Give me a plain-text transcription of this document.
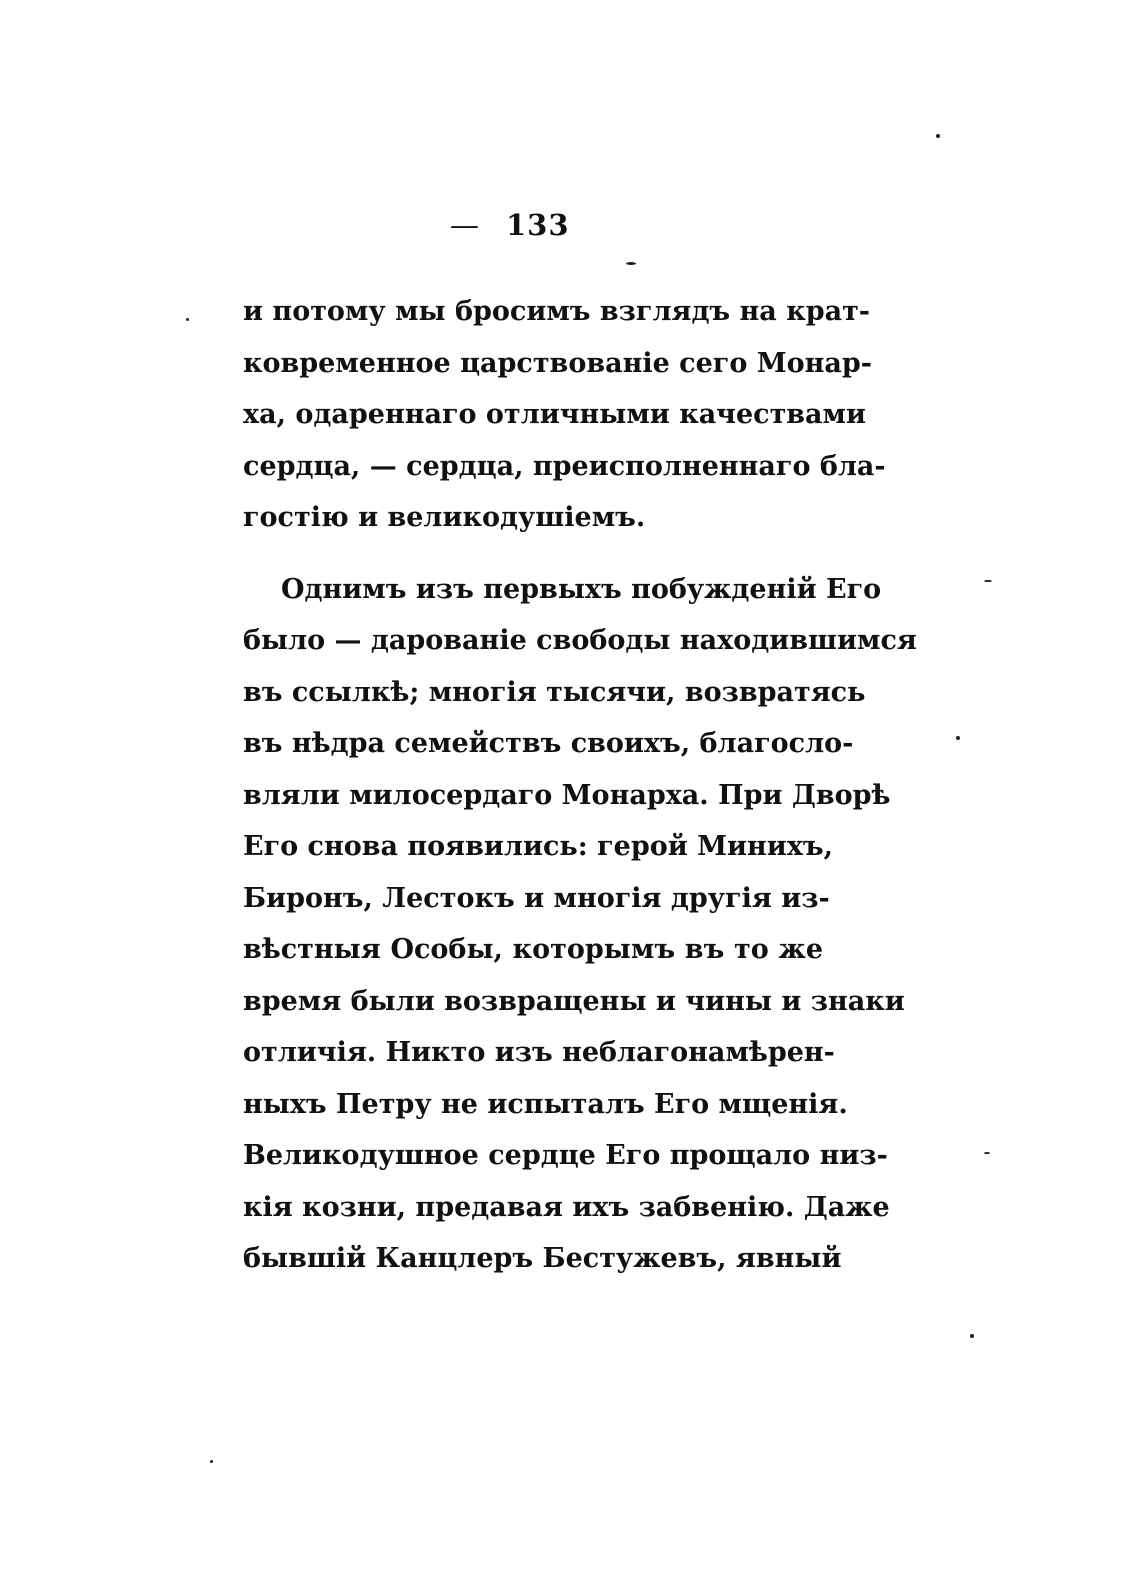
— 133
и потому мы бросимъ взглядъ на крат-
ковременное царствованіе сего Монар-
ха, одареннаго отличными качествами
сердца, — сердца, преисполненнаго бла-
гостію и великодушіемъ.
Однимъ изъ первыхъ побужденій Его
было — дарованіе свободы находившимся
въ ссылкѣ; многія тысячи, возвратясь
въ нѣдра семействъ своихъ, благосло-
вляли милосердаго Монарха. При Дворѣ
Его снова появились: герой Минихъ,
Биронъ, Лестокъ и многія другія из-
вѣстныя Особы, которымъ въ то же
время были возвращены и чины и знаки
отличія. Никто изъ неблагонамѣрен-
ныхъ Петру не испыталъ Его мщенія.
Великодушное сердце Его прощало низ-
кія козни, предавая ихъ забвенію. Даже
бывшій Канцлеръ Бестужевъ, явный
